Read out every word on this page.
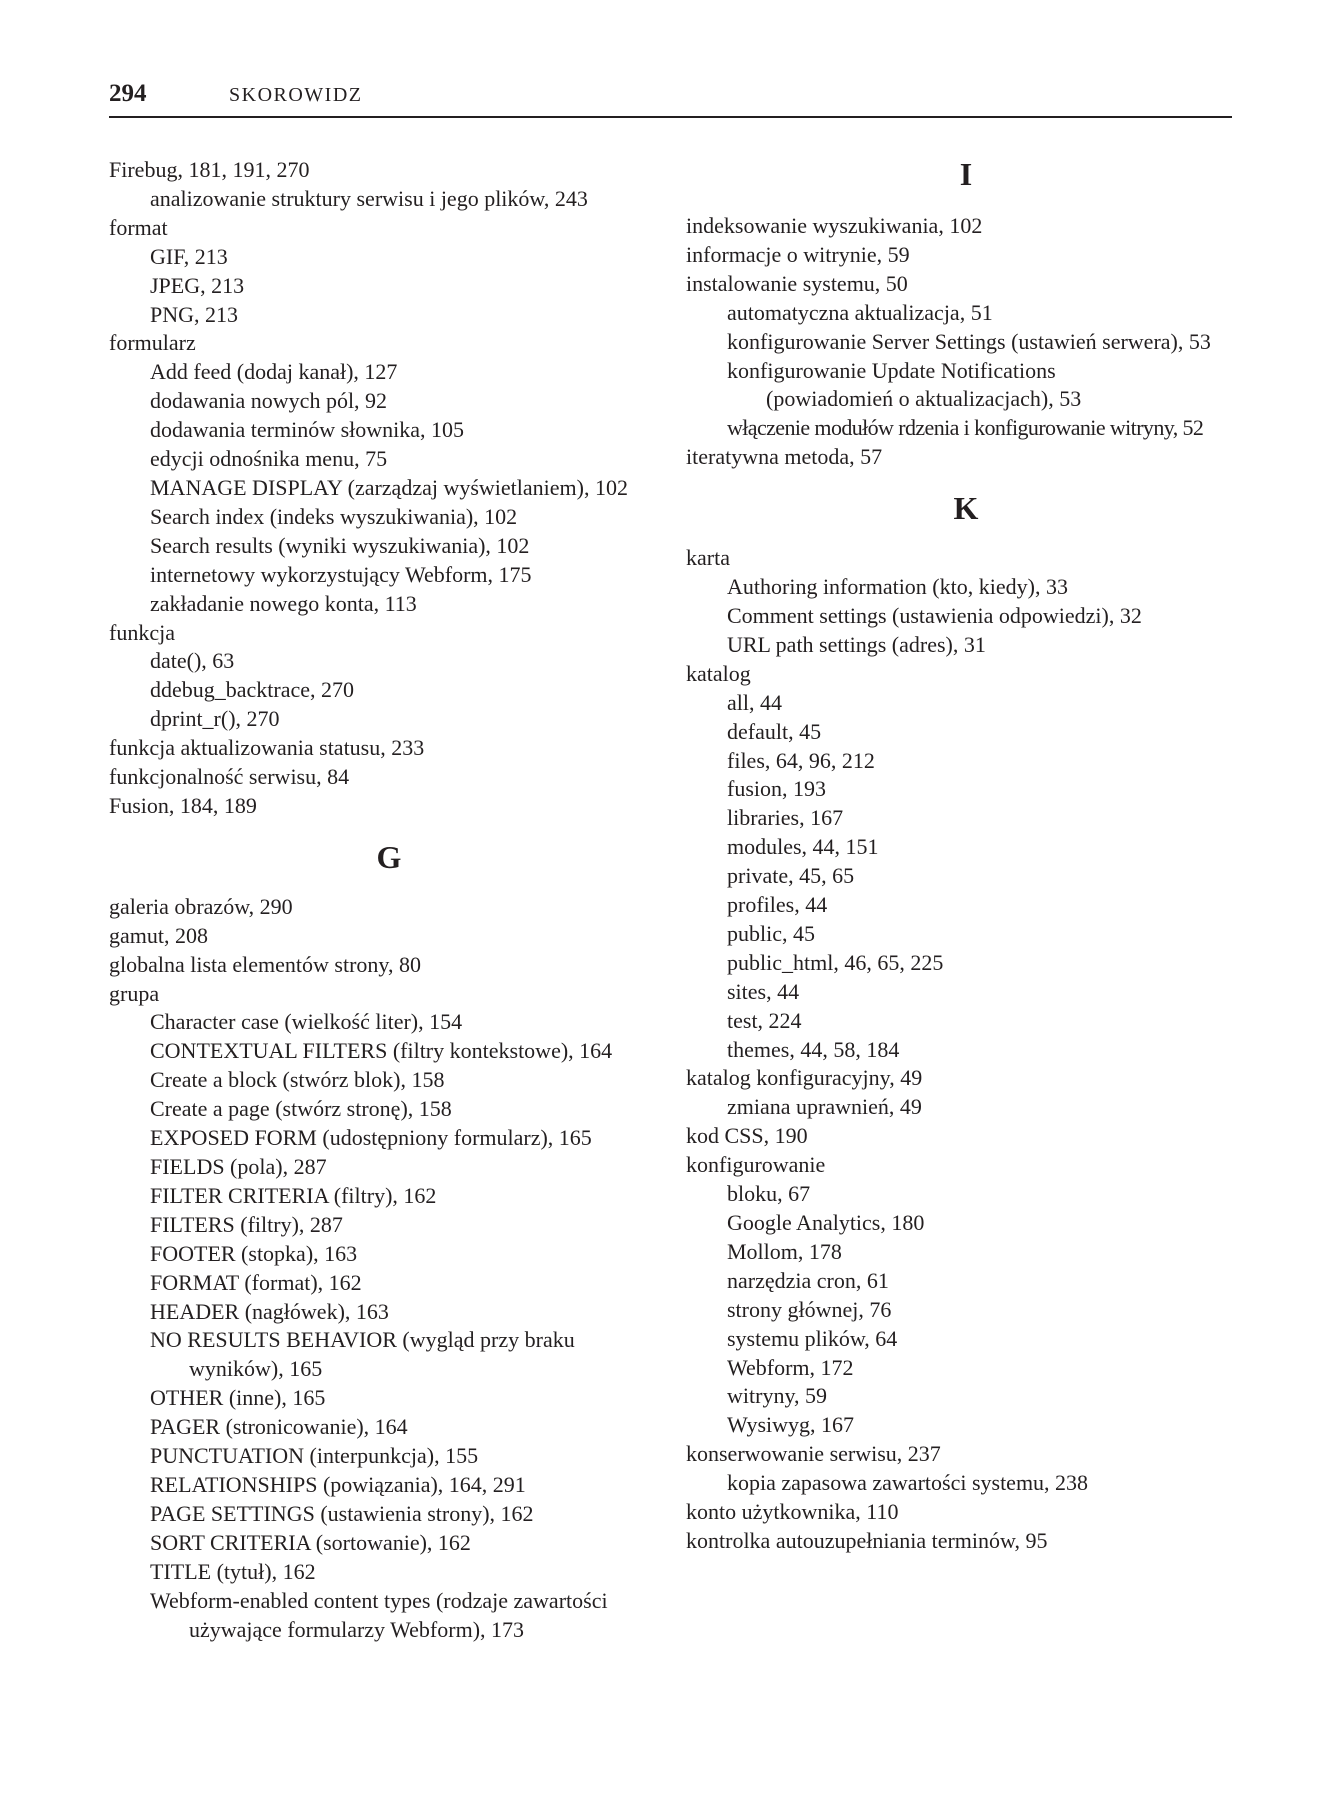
294	SKOROWIDZ
Firebug, 181, 191, 270
analizowanie struktury serwisu i jego plików, 243
format
GIF, 213
JPEG, 213
PNG, 213
formularz
Add feed (dodaj kanał), 127
dodawania nowych pól, 92
dodawania terminów słownika, 105
edycji odnośnika menu, 75
MANAGE DISPLAY (zarządzaj wyświetlaniem), 102
Search index (indeks wyszukiwania), 102
Search results (wyniki wyszukiwania), 102
internetowy wykorzystujący Webform, 175
zakładanie nowego konta, 113
funkcja
date(), 63
ddebug_backtrace, 270
dprint_r(), 270
funkcja aktualizowania statusu, 233
funkcjonalność serwisu, 84
Fusion, 184, 189
G
galeria obrazów, 290
gamut, 208
globalna lista elementów strony, 80
grupa
Character case (wielkość liter), 154
CONTEXTUAL FILTERS (filtry kontekstowe), 164
Create a block (stwórz blok), 158
Create a page (stwórz stronę), 158
EXPOSED FORM (udostępniony formularz), 165
FIELDS (pola), 287
FILTER CRITERIA (filtry), 162
FILTERS (filtry), 287
FOOTER (stopka), 163
FORMAT (format), 162
HEADER (nagłówek), 163
NO RESULTS BEHAVIOR (wygląd przy braku
wyników), 165
OTHER (inne), 165
PAGER (stronicowanie), 164
PUNCTUATION (interpunkcja), 155
RELATIONSHIPS (powiązania), 164, 291
PAGE SETTINGS (ustawienia strony), 162
SORT CRITERIA (sortowanie), 162
TITLE (tytuł), 162
Webform-enabled content types (rodzaje zawartości
używające formularzy Webform), 173
I
indeksowanie wyszukiwania, 102
informacje o witrynie, 59
instalowanie systemu, 50
automatyczna aktualizacja, 51
konfigurowanie Server Settings (ustawień serwera), 53
konfigurowanie Update Notifications
(powiadomień o aktualizacjach), 53
włączenie modułów rdzenia i konfigurowanie witryny, 52
iteratywna metoda, 57
K
karta
Authoring information (kto, kiedy), 33
Comment settings (ustawienia odpowiedzi), 32
URL path settings (adres), 31
katalog
all, 44
default, 45
files, 64, 96, 212
fusion, 193
libraries, 167
modules, 44, 151
private, 45, 65
profiles, 44
public, 45
public_html, 46, 65, 225
sites, 44
test, 224
themes, 44, 58, 184
katalog konfiguracyjny, 49
zmiana uprawnień, 49
kod CSS, 190
konfigurowanie
bloku, 67
Google Analytics, 180
Mollom, 178
narzędzia cron, 61
strony głównej, 76
systemu plików, 64
Webform, 172
witryny, 59
Wysiwyg, 167
konserwowanie serwisu, 237
kopia zapasowa zawartości systemu, 238
konto użytkownika, 110
kontrolka autouzupełniania terminów, 95
